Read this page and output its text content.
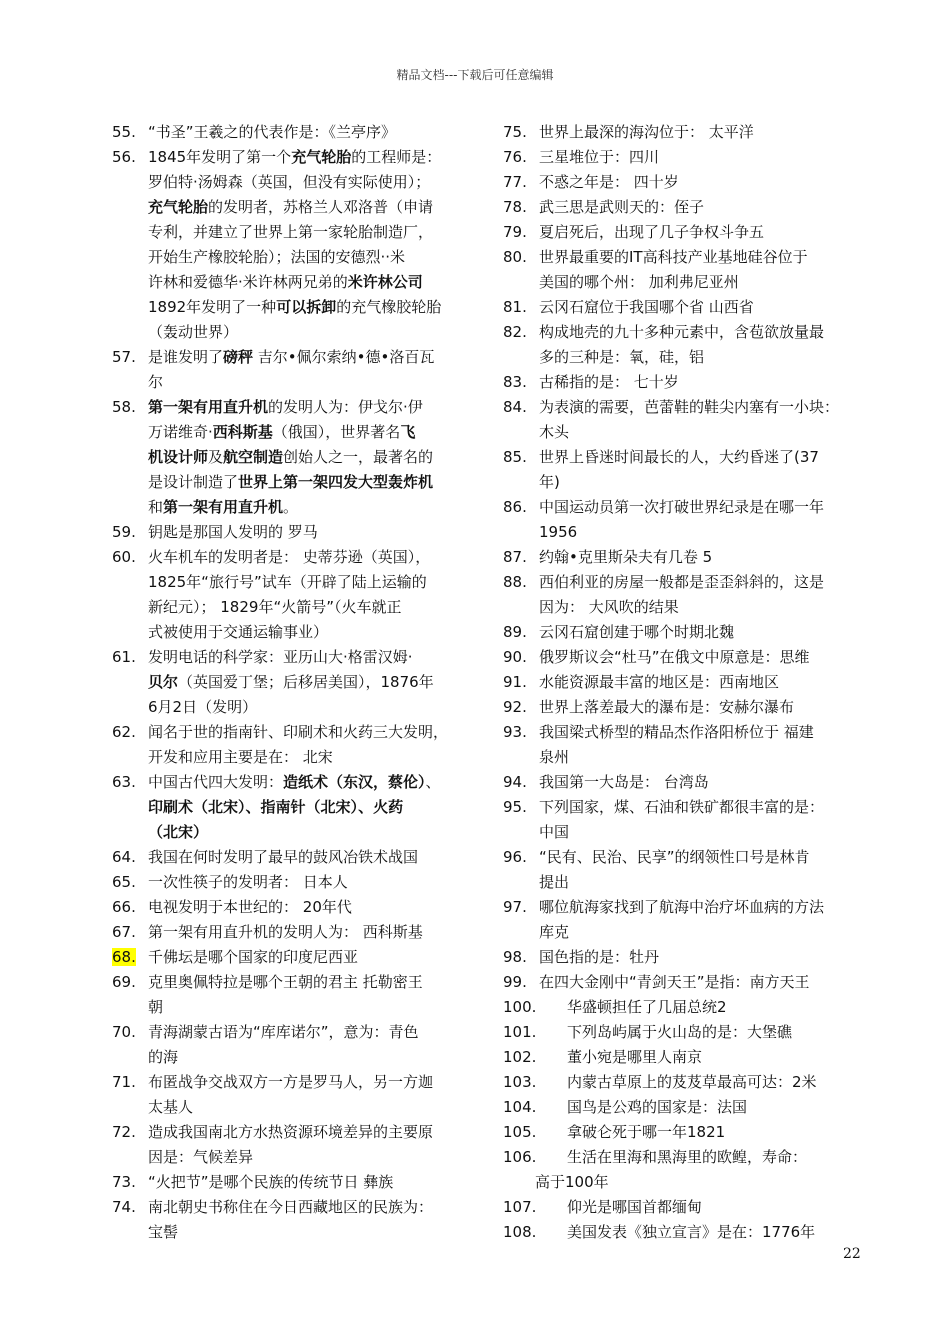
精品文档---下载后可任意编辑
55. “书圣”王羲之的代表作是：《兰亭序》
56. 1845年发明了第一个充气轮胎的工程师是：
罗伯特·汤姆森（英国，但没有实际使用）；
充气轮胎的发明者，苏格兰人邓洛普（申请
专利，并建立了世界上第一家轮胎制造厂，
开始生产橡胶轮胎）；法国的安德烈··米
许林和爱德华·米许林两兄弟的米许林公司
1892年发明了一种可以拆卸的充气橡胶轮胎
（轰动世界）
57. 是谁发明了磅秤 吉尔•佩尔索纳•德•洛百瓦
尔
58. 第一架有用直升机的发明人为：伊戈尔·伊
万诺维奇·西科斯基（俄国），世界著名飞
机设计师及航空制造创始人之一，最著名的
是设计制造了世界上第一架四发大型轰炸机
和第一架有用直升机。
59. 钥匙是那国人发明的 罗马
60. 火车机车的发明者是： 史蒂芬逊（英国），
1825年“旅行号”试车（开辟了陆上运输的
新纪元）； 1829年“火箭号”（火车就正
式被使用于交通运输事业）
61. 发明电话的科学家：亚历山大·格雷汉姆·
贝尔（英国爱丁堡；后移居美国），1876年
6月2日（发明）
62. 闻名于世的指南针、印刷术和火药三大发明，
开发和应用主要是在： 北宋
63. 中国古代四大发明：造纸术（东汉，蔡伦）、
印刷术（北宋）、指南针（北宋）、火药
（北宋）
64. 我国在何时发明了最早的鼓风冶铁术战国
65. 一次性筷子的发明者： 日本人
66. 电视发明于本世纪的： 20年代
67. 第一架有用直升机的发明人为： 西科斯基
68. 千佛坛是哪个国家的印度尼西亚
69. 克里奥佩特拉是哪个王朝的君主 托勒密王
朝
70. 青海湖蒙古语为“库库诺尔”，意为：青色
的海
71. 布匿战争交战双方一方是罗马人，另一方迦
太基人
72. 造成我国南北方水热资源环境差异的主要原
因是：气候差异
73. “火把节”是哪个民族的传统节日 彝族
74. 南北朝史书称住在今日西藏地区的民族为：
宝髻
75. 世界上最深的海沟位于： 太平洋
76. 三星堆位于：四川
77. 不惑之年是： 四十岁
78. 武三思是武则天的：侄子
79. 夏启死后，出现了几子争权斗争五
80. 世界最重要的IT高科技产业基地硅谷位于
美国的哪个州： 加利弗尼亚州
81. 云冈石窟位于我国哪个省 山西省
82. 构成地壳的九十多种元素中，含苞欲放量最
多的三种是：氧，硅，铝
83. 古稀指的是： 七十岁
84. 为表演的需要，芭蕾鞋的鞋尖内塞有一小块：
木头
85. 世界上昏迷时间最长的人，大约昏迷了(37
年)
86. 中国运动员第一次打破世界纪录是在哪一年
1956
87. 约翰•克里斯朵夫有几卷 5
88. 西伯利亚的房屋一般都是歪歪斜斜的，这是
因为： 大风吹的结果
89. 云冈石窟创建于哪个时期北魏
90. 俄罗斯议会“杜马”在俄文中原意是：思维
91. 水能资源最丰富的地区是：西南地区
92. 世界上落差最大的瀑布是：安赫尔瀑布
93. 我国梁式桥型的精品杰作洛阳桥位于 福建
泉州
94. 我国第一大岛是： 台湾岛
95. 下列国家，煤、石油和铁矿都很丰富的是：
中国
96. “民有、民治、民享”的纲领性口号是林肯
提出
97. 哪位航海家找到了航海中治疗坏血病的方法
库克
98. 国色指的是：牡丹
99. 在四大金刚中“青剑天王”是指：南方天王
100.	华盛顿担任了几届总统2
101.	下列岛屿属于火山岛的是：大堡礁
102.	董小宛是哪里人南京
103.	内蒙古草原上的芨芨草最高可达：2米
104.	国鸟是公鸡的国家是：法国
105.	拿破仑死于哪一年1821
106.	生活在里海和黑海里的欧鳇，寿命：
高于100年
107.	仰光是哪国首都缅甸
108.	美国发表《独立宣言》是在：1776年
22
